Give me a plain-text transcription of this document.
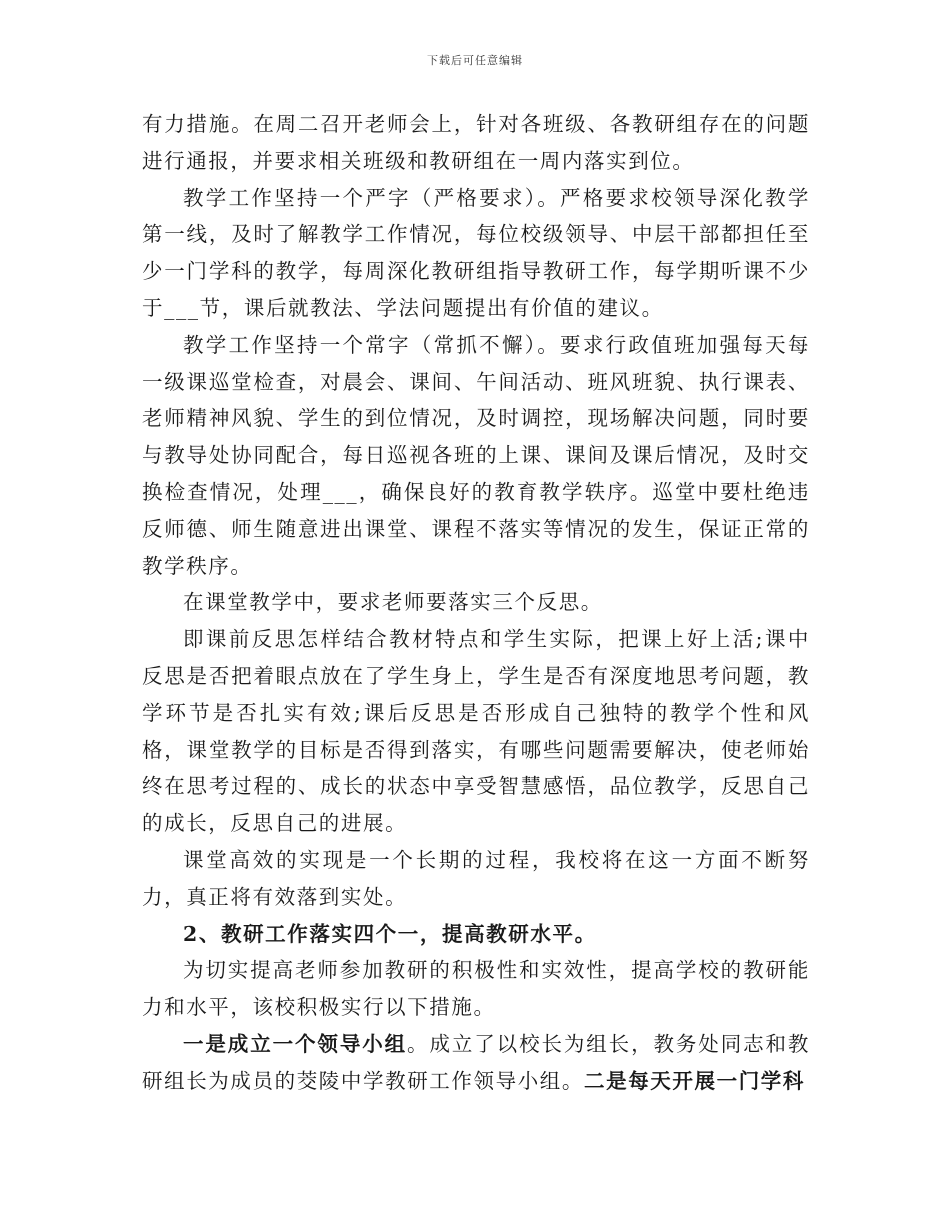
下载后可任意编辑

有力措施。在周二召开老师会上，针对各班级、各教研组存在的问题进行通报，并要求相关班级和教研组在一周内落实到位。

教学工作坚持一个严字（严格要求）。严格要求校领导深化教学第一线，及时了解教学工作情况，每位校级领导、中层干部都担任至少一门学科的教学，每周深化教研组指导教研工作，每学期听课不少于___节，课后就教法、学法问题提出有价值的建议。

教学工作坚持一个常字（常抓不懈）。要求行政值班加强每天每一级课巡堂检查，对晨会、课间、午间活动、班风班貌、执行课表、老师精神风貌、学生的到位情况，及时调控，现场解决问题，同时要与教导处协同配合，每日巡视各班的上课、课间及课后情况，及时交换检查情况，处理___，确保良好的教育教学轶序。巡堂中要杜绝违反师德、师生随意进出课堂、课程不落实等情况的发生，保证正常的教学秩序。

在课堂教学中，要求老师要落实三个反思。

即课前反思怎样结合教材特点和学生实际，把课上好上活;课中反思是否把着眼点放在了学生身上，学生是否有深度地思考问题，教学环节是否扎实有效;课后反思是否形成自己独特的教学个性和风格，课堂教学的目标是否得到落实，有哪些问题需要解决，使老师始终在思考过程的、成长的状态中享受智慧感悟，品位教学，反思自己的成长，反思自己的进展。

课堂高效的实现是一个长期的过程，我校将在这一方面不断努力，真正将有效落到实处。

2、教研工作落实四个一，提高教研水平。

为切实提高老师参加教研的积极性和实效性，提高学校的教研能力和水平，该校积极实行以下措施。

一是成立一个领导小组。成立了以校长为组长，教务处同志和教研组长为成员的茭陵中学教研工作领导小组。二是每天开展一门学科
